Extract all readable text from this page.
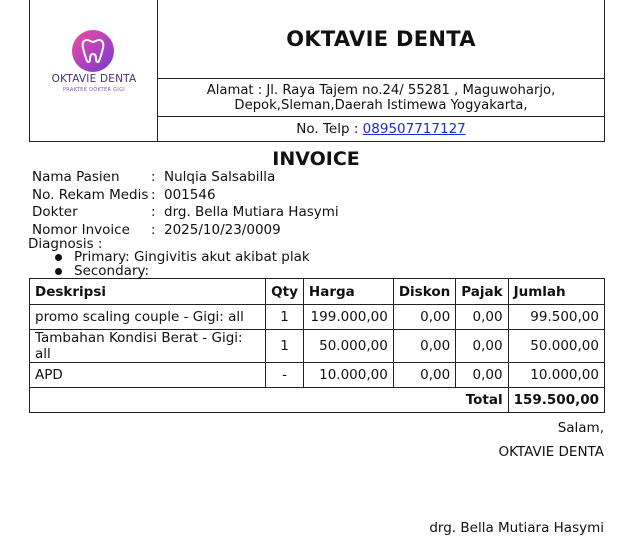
OKTAVIE DENTA
PRAKTEK DOKTER GIGI
OKTAVIE DENTA
Alamat : Jl. Raya Tajem no.24/ 55281 , Maguwoharjo,
Depok,Sleman,Daerah Istimewa Yogyakarta,
No. Telp : 089507717127
INVOICE
Nama Pasien	: Nulqia Salsabilla
No. Rekam Medis : 001546
Dokter	: drg. Bella Mutiara Hasymi
Nomor Invoice	: 2025/10/23/0009
Diagnosis :
Primary: Gingivitis akut akibat plak
Secondary:
Deskripsi	Qty	Harga	Diskon	Pajak	Jumlah
promo scaling couple - Gigi: all	1	199.000,00	0,00	0,00	99.500,00
Tambahan Kondisi Berat - Gigi: all	1	50.000,00	0,00	0,00	50.000,00
APD	-	10.000,00	0,00	0,00	10.000,00
Total					159.500,00
Salam,
OKTAVIE DENTA
drg. Bella Mutiara Hasymi
